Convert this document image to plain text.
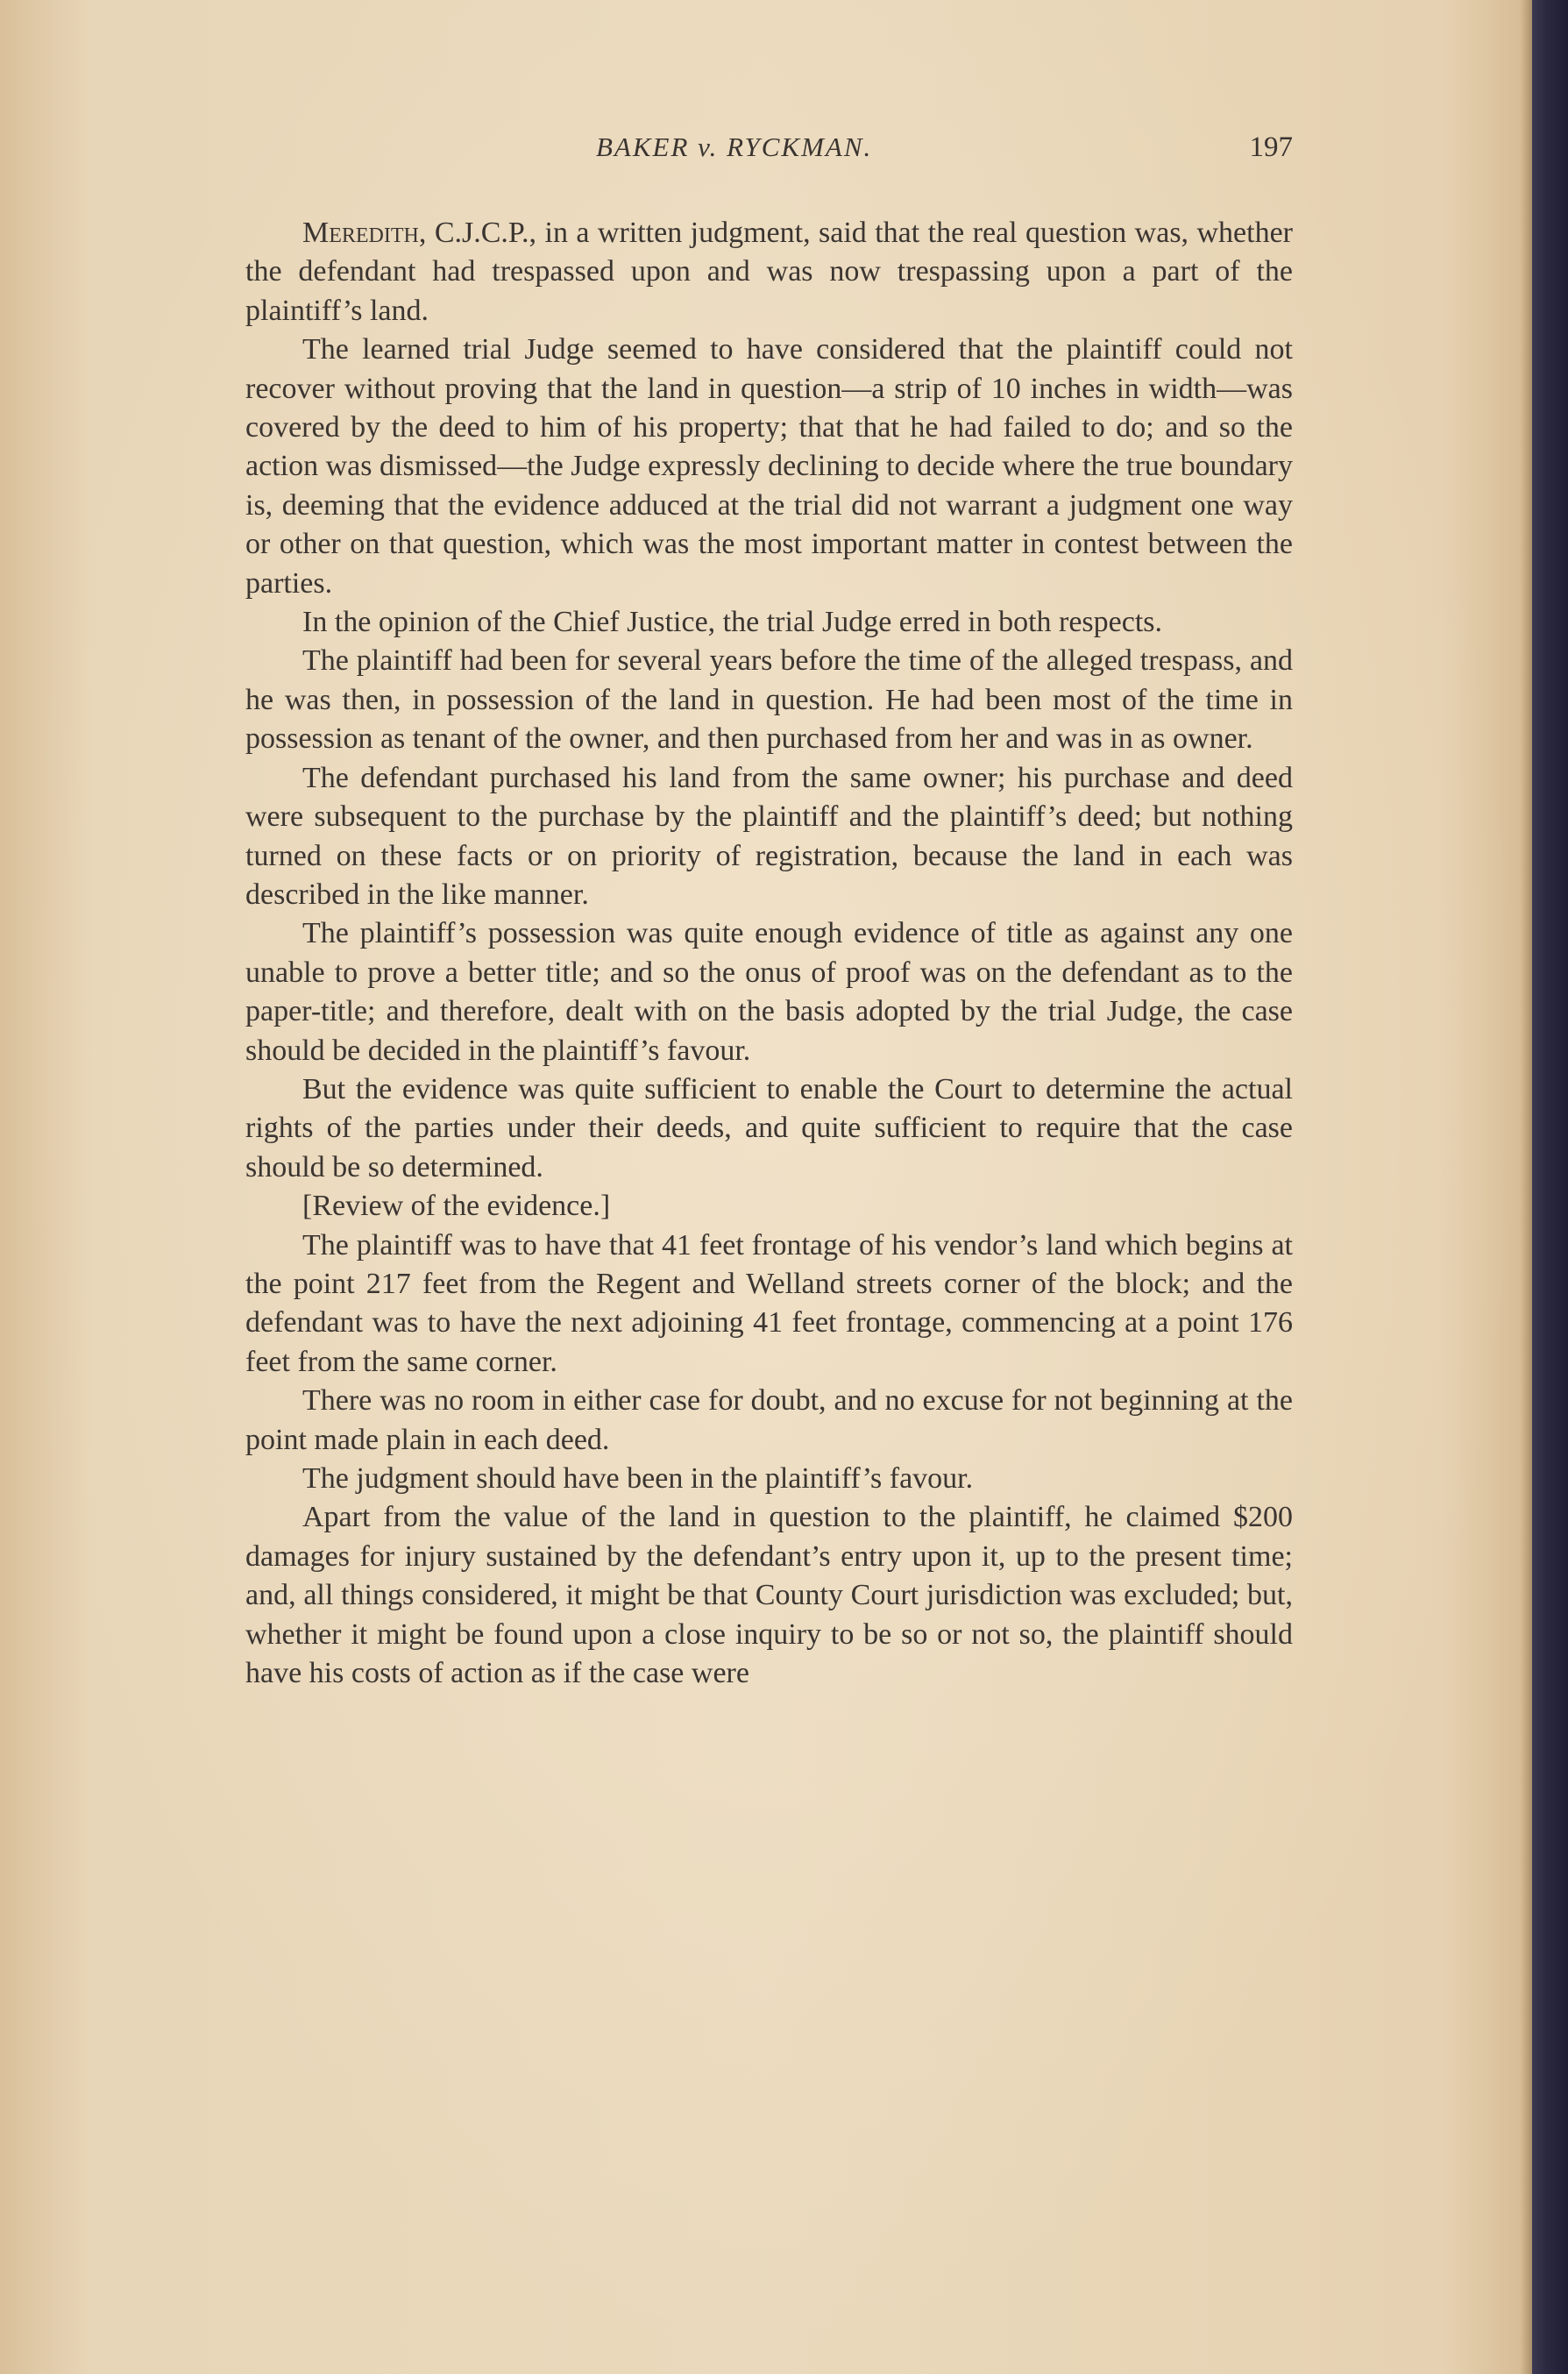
BAKER v. RYCKMAN.	197

Meredith, C.J.C.P., in a written judgment, said that the real question was, whether the defendant had trespassed upon and was now trespassing upon a part of the plaintiff’s land.

The learned trial Judge seemed to have considered that the plaintiff could not recover without proving that the land in question—a strip of 10 inches in width—was covered by the deed to him of his property; that that he had failed to do; and so the action was dismissed—the Judge expressly declining to decide where the true boundary is, deeming that the evidence adduced at the trial did not warrant a judgment one way or other on that question, which was the most important matter in contest between the parties.

In the opinion of the Chief Justice, the trial Judge erred in both respects.

The plaintiff had been for several years before the time of the alleged trespass, and he was then, in possession of the land in question. He had been most of the time in possession as tenant of the owner, and then purchased from her and was in as owner.

The defendant purchased his land from the same owner; his purchase and deed were subsequent to the purchase by the plaintiff and the plaintiff’s deed; but nothing turned on these facts or on priority of registration, because the land in each was described in the like manner.

The plaintiff’s possession was quite enough evidence of title as against any one unable to prove a better title; and so the onus of proof was on the defendant as to the paper-title; and therefore, dealt with on the basis adopted by the trial Judge, the case should be decided in the plaintiff’s favour.

But the evidence was quite sufficient to enable the Court to determine the actual rights of the parties under their deeds, and quite sufficient to require that the case should be so determined.

[Review of the evidence.]

The plaintiff was to have that 41 feet frontage of his vendor’s land which begins at the point 217 feet from the Regent and Welland streets corner of the block; and the defendant was to have the next adjoining 41 feet frontage, commencing at a point 176 feet from the same corner.

There was no room in either case for doubt, and no excuse for not beginning at the point made plain in each deed.

The judgment should have been in the plaintiff’s favour.

Apart from the value of the land in question to the plaintiff, he claimed $200 damages for injury sustained by the defendant’s entry upon it, up to the present time; and, all things considered, it might be that County Court jurisdiction was excluded; but, whether it might be found upon a close inquiry to be so or not so, the plaintiff should have his costs of action as if the case were
